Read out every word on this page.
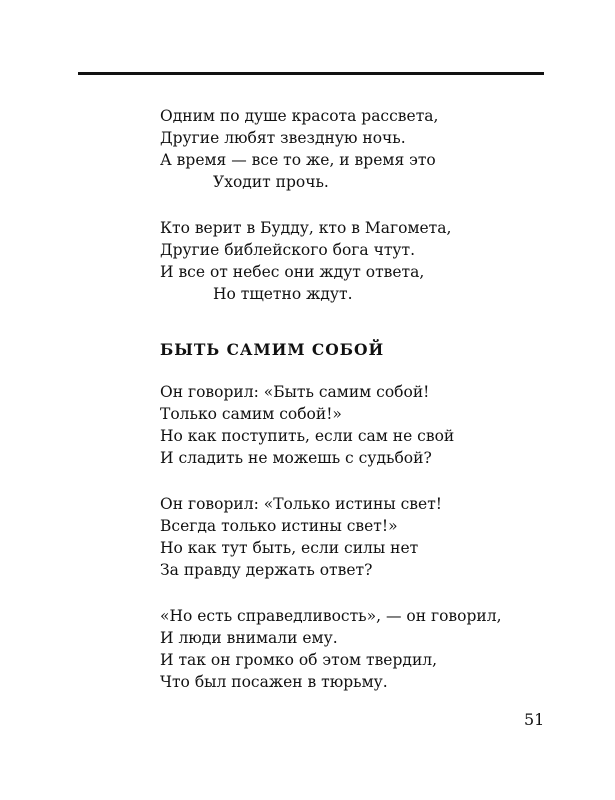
Одним по душе красота рассвета,
Другие любят звездную ночь.
А время — все то же, и время это
Уходит прочь.
Кто верит в Будду, кто в Магомета,
Другие библейского бога чтут.
И все от небес они ждут ответа,
Но тщетно ждут.
БЫТЬ САМИМ СОБОЙ
Он говорил: «Быть самим собой!
Только самим собой!»
Но как поступить, если сам не свой
И сладить не можешь с судьбой?
Он говорил: «Только истины свет!
Всегда только истины свет!»
Но как тут быть, если силы нет
За правду держать ответ?
«Но есть справедливость», — он говорил,
И люди внимали ему.
И так он громко об этом твердил,
Что был посажен в тюрьму.
51
